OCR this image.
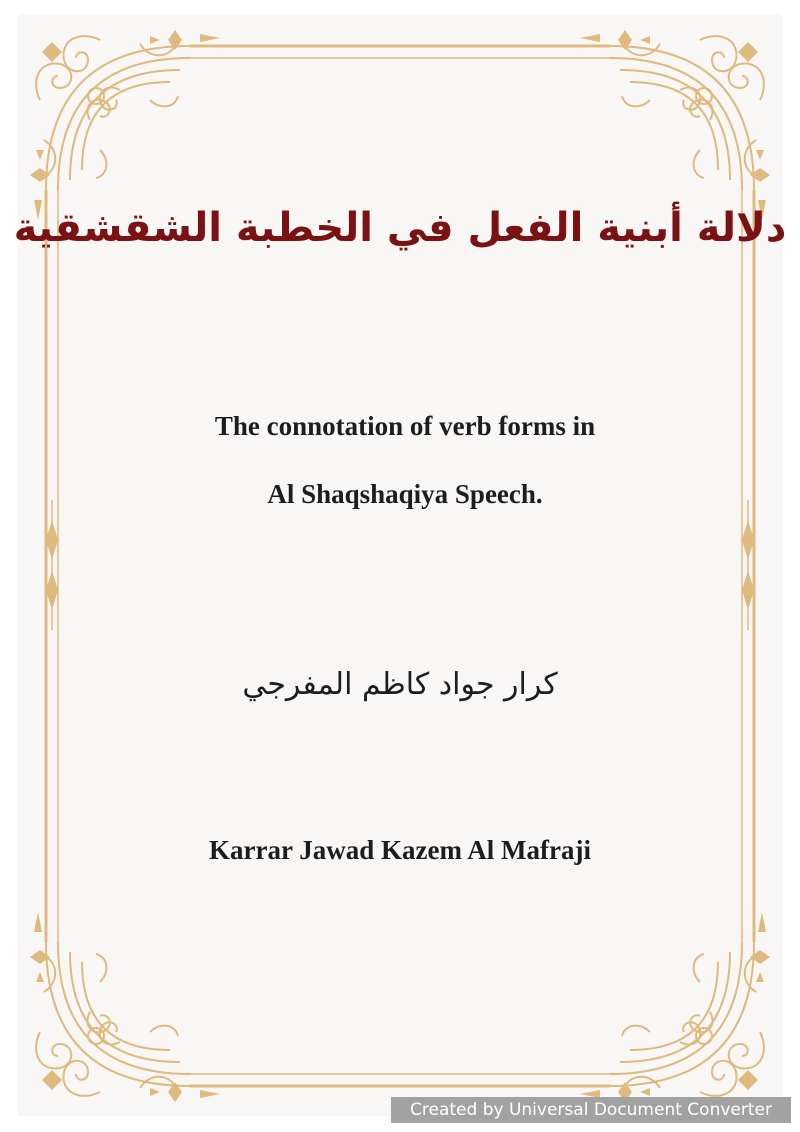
دلالة أبنية الفعل في الخطبة الشقشقية
The connotation of verb forms in
Al Shaqshaqiya Speech.
كرار جواد كاظم المفرجي
Karrar Jawad Kazem Al Mafraji
Created by Universal Document Converter
